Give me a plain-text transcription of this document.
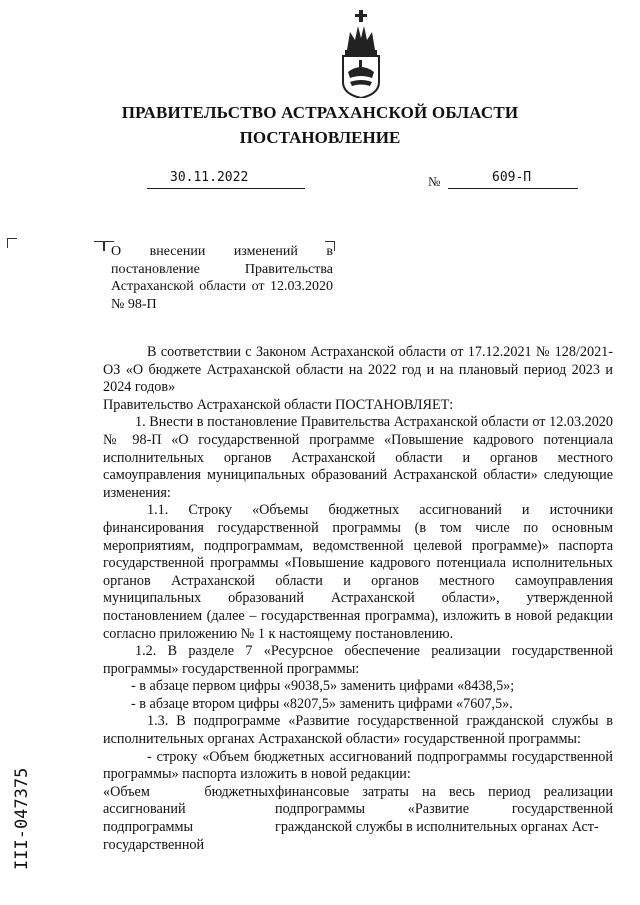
ПРАВИТЕЛЬСТВО АСТРАХАНСКОЙ ОБЛАСТИ
ПОСТАНОВЛЕНИЕ
30.11.2022	№	609-П
О внесении изменений в постановление Правительства Астраханской области от 12.03.2020 № 98-П

В соответствии с Законом Астраханской области от 17.12.2021 № 128/2021-ОЗ «О бюджете Астраханской области на 2022 год и на плановый период 2023 и 2024 годов»

Правительство Астраханской области ПОСТАНОВЛЯЕТ:

1. Внести в постановление Правительства Астраханской области от 12.03.2020 № 98-П «О государственной программе «Повышение кадрового потенциала исполнительных органов Астраханской области и органов местного самоуправления муниципальных образований Астраханской области» следующие изменения:

1.1. Строку «Объемы бюджетных ассигнований и источники финансирования государственной программы (в том числе по основным мероприятиям, подпрограммам, ведомственной целевой программе)» паспорта государственной программы «Повышение кадрового потенциала исполнительных органов Астраханской области и органов местного самоуправления муниципальных образований Астраханской области», утвержденной постановлением (далее – государственная программа), изложить в новой редакции согласно приложению № 1 к настоящему постановлению.

1.2. В разделе 7 «Ресурсное обеспечение реализации государственной программы» государственной программы:

- в абзаце первом цифры «9038,5» заменить цифрами «8438,5»;

- в абзаце втором цифры «8207,5» заменить цифрами «7607,5».

1.3. В подпрограмме «Развитие государственной гражданской службы в исполнительных органах Астраханской области» государственной программы:

- строку «Объем бюджетных ассигнований подпрограммы государственной программы» паспорта изложить в новой редакции:

«Объем бюджетных ассигнований подпрограммы государственной
финансовые затраты на весь период реализации подпрограммы «Развитие государственной гражданской службы в исполнительных органах Аст-
III-047375
